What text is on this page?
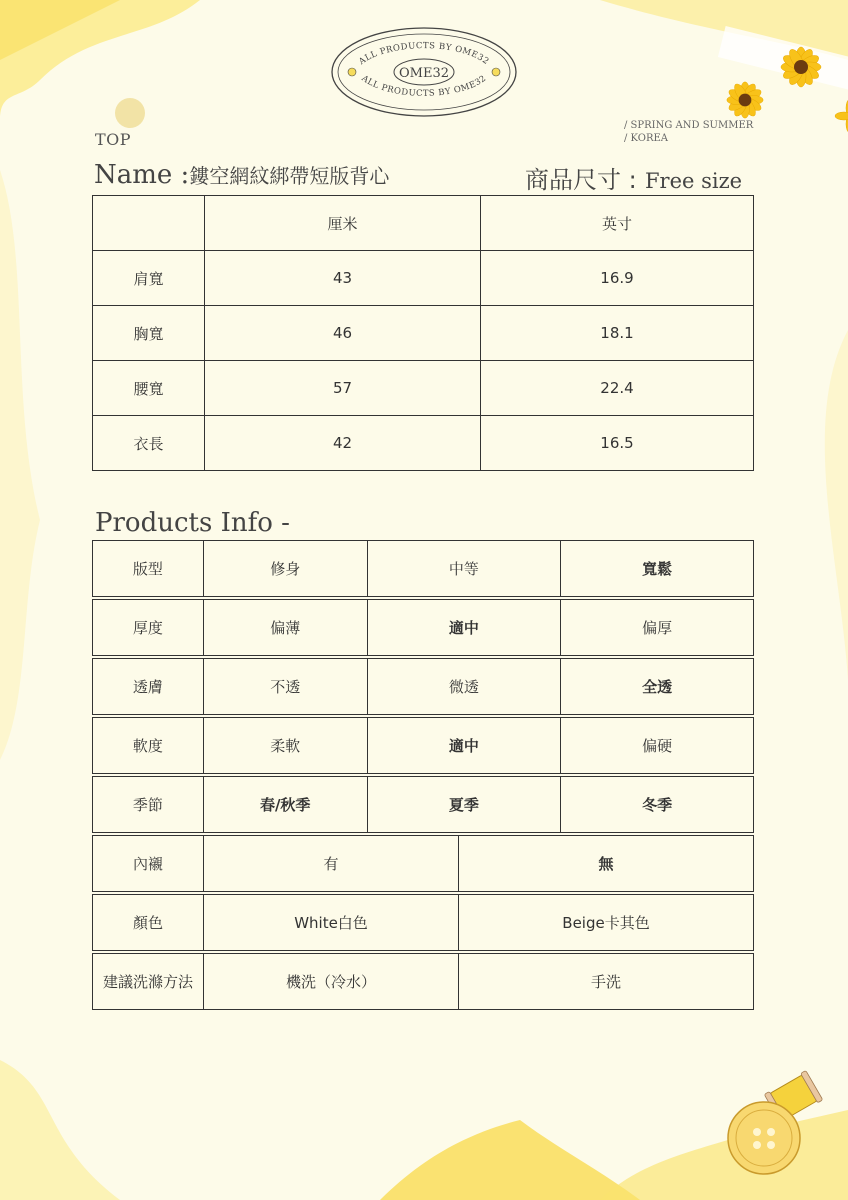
ALL PRODUCTS BY OME32
ALL PRODUCTS BY OME32
OME32
TOP
/ SPRING AND SUMMER
/ KOREA
Name :鏤空網紋綁帶短版背心	商品尺寸 : Free size
	厘米	英寸
肩寬	43	16.9
胸寬	46	18.1
腰寬	57	22.4
衣長	42	16.5
Products Info -
版型	修身	中等	寬鬆
厚度	偏薄	適中	偏厚
透膚	不透	微透	全透
軟度	柔軟	適中	偏硬
季節	春/秋季	夏季	冬季
內襯	有	無
顏色	White白色	Beige卡其色
建議洗滌方法	機洗（冷水）	手洗
